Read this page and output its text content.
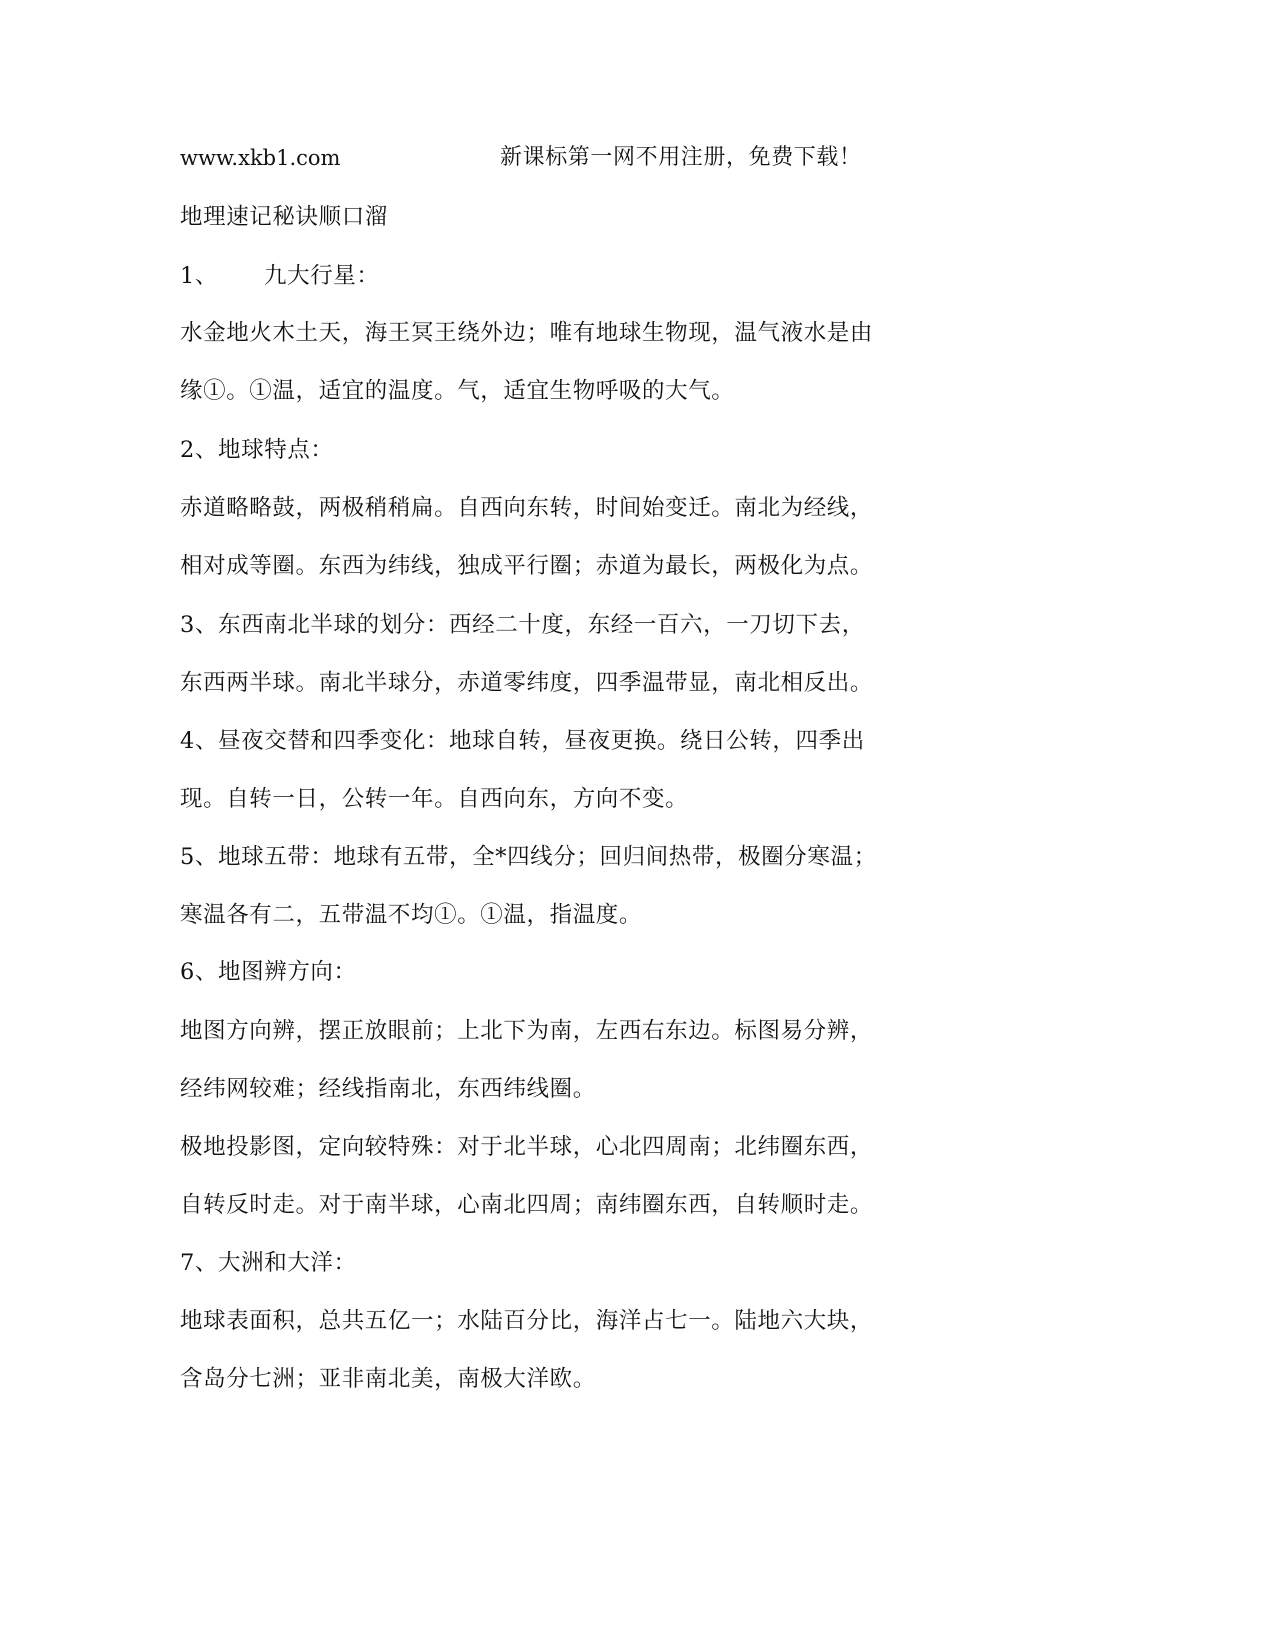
www.xkb1.com	新课标第一网不用注册，免费下载！
地理速记秘诀顺口溜
1、 九大行星：
水金地火木土天，海王冥王绕外边；唯有地球生物现，温气液水是由
缘①。①温，适宜的温度。气，适宜生物呼吸的大气。
2、地球特点：
赤道略略鼓，两极稍稍扁。自西向东转，时间始变迁。南北为经线，
相对成等圈。东西为纬线，独成平行圈；赤道为最长，两极化为点。
3、东西南北半球的划分：西经二十度，东经一百六，一刀切下去，
东西两半球。南北半球分，赤道零纬度，四季温带显，南北相反出。
4、昼夜交替和四季变化：地球自转，昼夜更换。绕日公转，四季出
现。自转一日，公转一年。自西向东，方向不变。
5、地球五带：地球有五带，全*四线分；回归间热带，极圈分寒温；
寒温各有二，五带温不均①。①温，指温度。
6、地图辨方向：
地图方向辨，摆正放眼前；上北下为南，左西右东边。标图易分辨，
经纬网较难；经线指南北，东西纬线圈。
极地投影图，定向较特殊：对于北半球，心北四周南；北纬圈东西，
自转反时走。对于南半球，心南北四周；南纬圈东西，自转顺时走。
7、大洲和大洋：
地球表面积，总共五亿一；水陆百分比，海洋占七一。陆地六大块，
含岛分七洲；亚非南北美，南极大洋欧。
